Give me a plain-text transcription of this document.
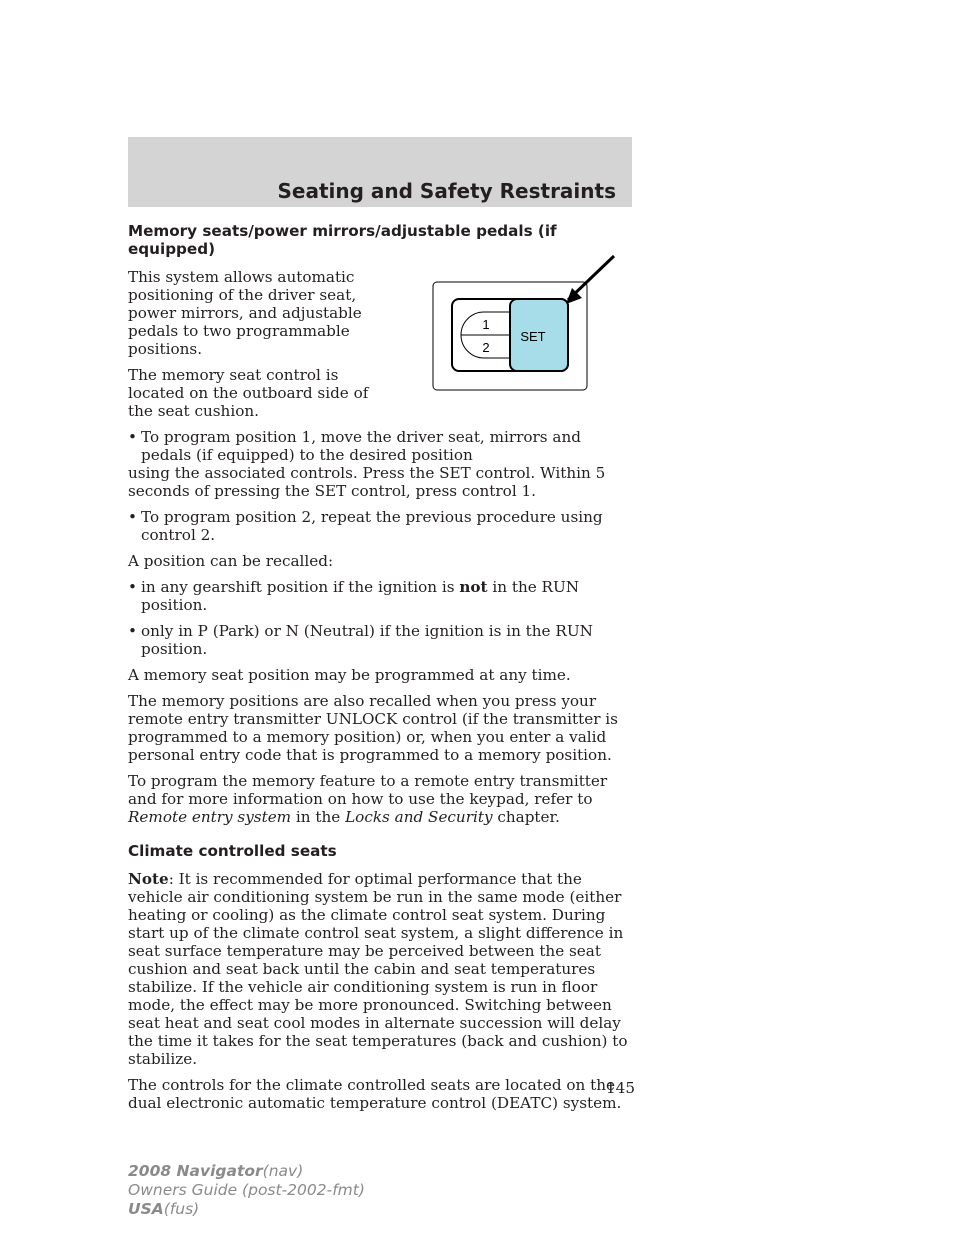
Seating and Safety Restraints
1
2
SET
Memory seats/power mirrors/adjustable pedals (if equipped)

This system allows automatic positioning of the driver seat, power mirrors, and adjustable pedals to two programmable positions.

The memory seat control is located on the outboard side of the seat cushion.

• To program position 1, move the driver seat, mirrors and pedals (if equipped) to the desired position

using the associated controls. Press the SET control. Within 5 seconds of pressing the SET control, press control 1.

• To program position 2, repeat the previous procedure using control 2.

A position can be recalled:

• in any gearshift position if the ignition is not in the RUN position.
• only in P (Park) or N (Neutral) if the ignition is in the RUN position.

A memory seat position may be programmed at any time.

The memory positions are also recalled when you press your remote entry transmitter UNLOCK control (if the transmitter is programmed to a memory position) or, when you enter a valid personal entry code that is programmed to a memory position.

To program the memory feature to a remote entry transmitter and for more information on how to use the keypad, refer to Remote entry system in the Locks and Security chapter.

Climate controlled seats

Note: It is recommended for optimal performance that the vehicle air conditioning system be run in the same mode (either heating or cooling) as the climate control seat system. During start up of the climate control seat system, a slight difference in seat surface temperature may be perceived between the seat cushion and seat back until the cabin and seat temperatures stabilize. If the vehicle air conditioning system is run in floor mode, the effect may be more pronounced. Switching between seat heat and seat cool modes in alternate succession will delay the time it takes for the seat temperatures (back and cushion) to stabilize.

The controls for the climate controlled seats are located on the dual electronic automatic temperature control (DEATC) system.

145
2008 Navigator(nav)
Owners Guide (post-2002-fmt)
USA(fus)
